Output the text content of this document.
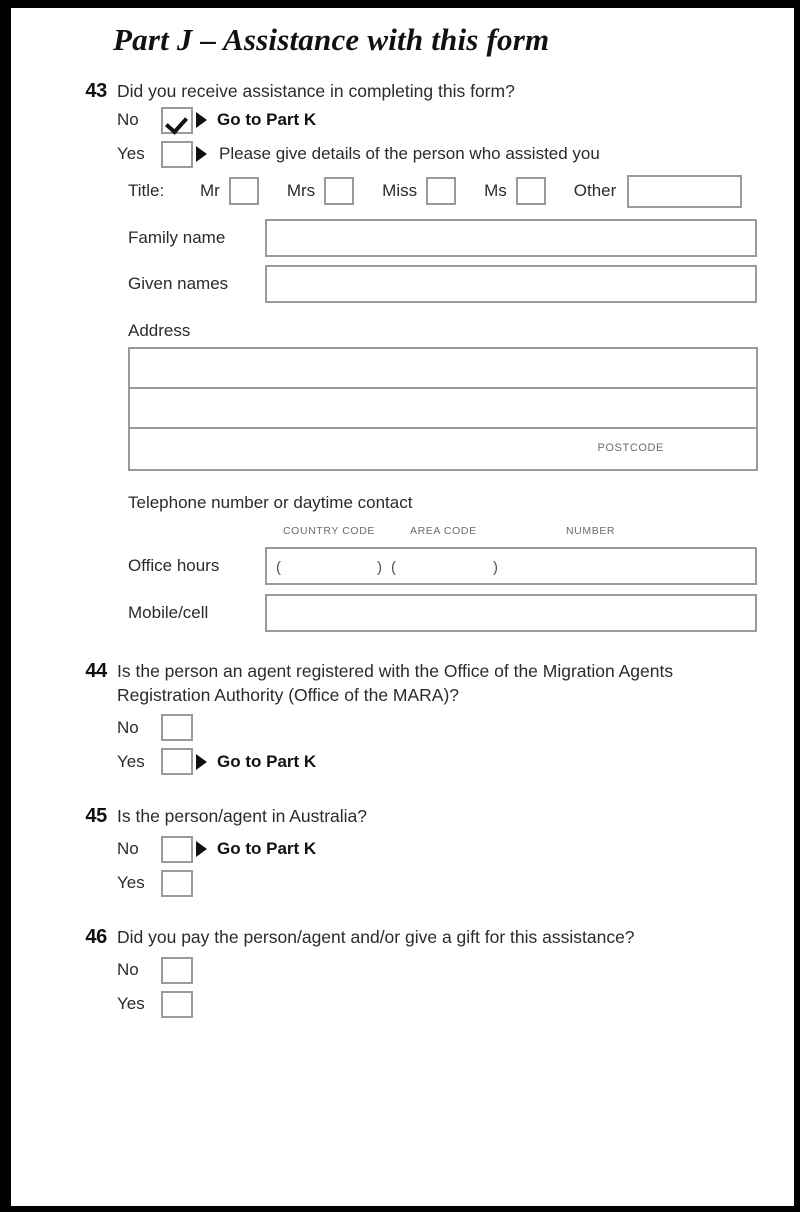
Part J – Assistance with this form
43 Did you receive assistance in completing this form?
No	Go to Part K
Yes	Please give details of the person who assisted you
Title:	Mr	Mrs	Miss	Ms	Other
Family name
Given names
Address
POSTCODE
Telephone number or daytime contact
COUNTRY CODE	AREA CODE	NUMBER
Office hours	(	) (	)
Mobile/cell
44 Is the person an agent registered with the Office of the Migration Agents Registration Authority (Office of the MARA)?
No
Yes	Go to Part K
45 Is the person/agent in Australia?
No	Go to Part K
Yes
46 Did you pay the person/agent and/or give a gift for this assistance?
No
Yes
